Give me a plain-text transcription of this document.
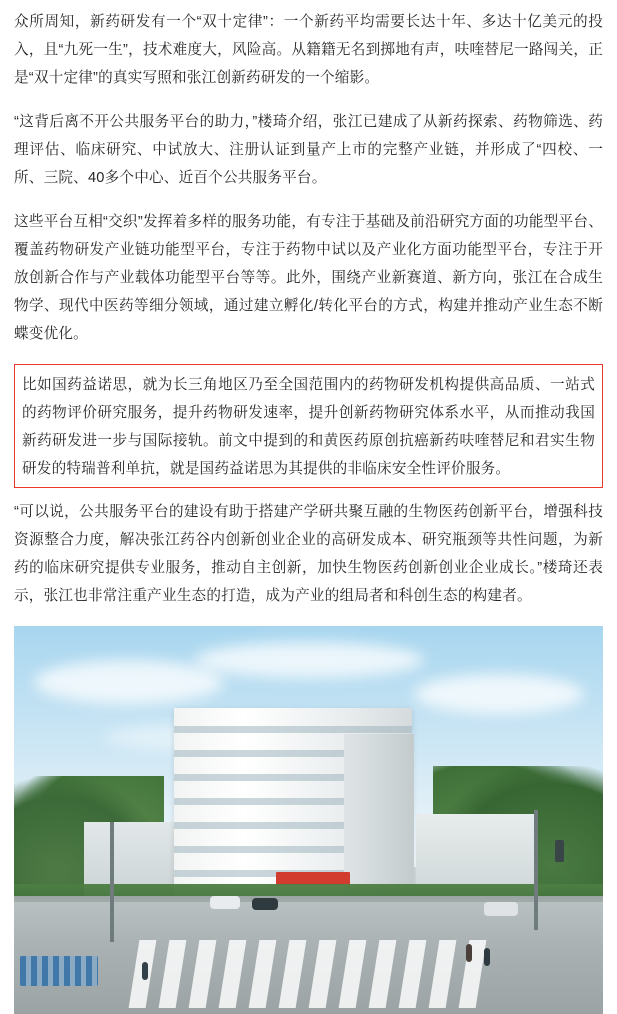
众所周知，新药研发有一个“双十定律”：一个新药平均需要长达十年、多达十亿美元的投入，且“九死一生”，技术难度大，风险高。从籍籍无名到掷地有声，呋喹替尼一路闯关，正是“双十定律”的真实写照和张江创新药研发的一个缩影。

“这背后离不开公共服务平台的助力，”楼琦介绍，张江已建成了从新药探索、药物筛选、药理评估、临床研究、中试放大、注册认证到量产上市的完整产业链，并形成了“四校、一所、三院、40多个中心、近百个公共服务平台。

这些平台互相“交织”发挥着多样的服务功能，有专注于基础及前沿研究方面的功能型平台、覆盖药物研发产业链功能型平台，专注于药物中试以及产业化方面功能型平台，专注于开放创新合作与产业载体功能型平台等等。此外，围绕产业新赛道、新方向，张江在合成生物学、现代中医药等细分领域，通过建立孵化/转化平台的方式，构建并推动产业生态不断蝶变优化。

比如国药益诺思，就为长三角地区乃至全国范围内的药物研发机构提供高品质、一站式的药物评价研究服务，提升药物研发速率，提升创新药物研究体系水平，从而推动我国新药研发进一步与国际接轨。前文中提到的和黄医药原创抗癌新药呋喹替尼和君实生物研发的特瑞普利单抗，就是国药益诺思为其提供的非临床安全性评价服务。

“可以说，公共服务平台的建设有助于搭建产学研共聚互融的生物医药创新平台，增强科技资源整合力度，解决张江药谷内创新创业企业的高研发成本、研究瓶颈等共性问题，为新药的临床研究提供专业服务，推动自主创新，加快生物医药创新创业企业成长。”楼琦还表示，张江也非常注重产业生态的打造，成为产业的组局者和科创生态的构建者。
